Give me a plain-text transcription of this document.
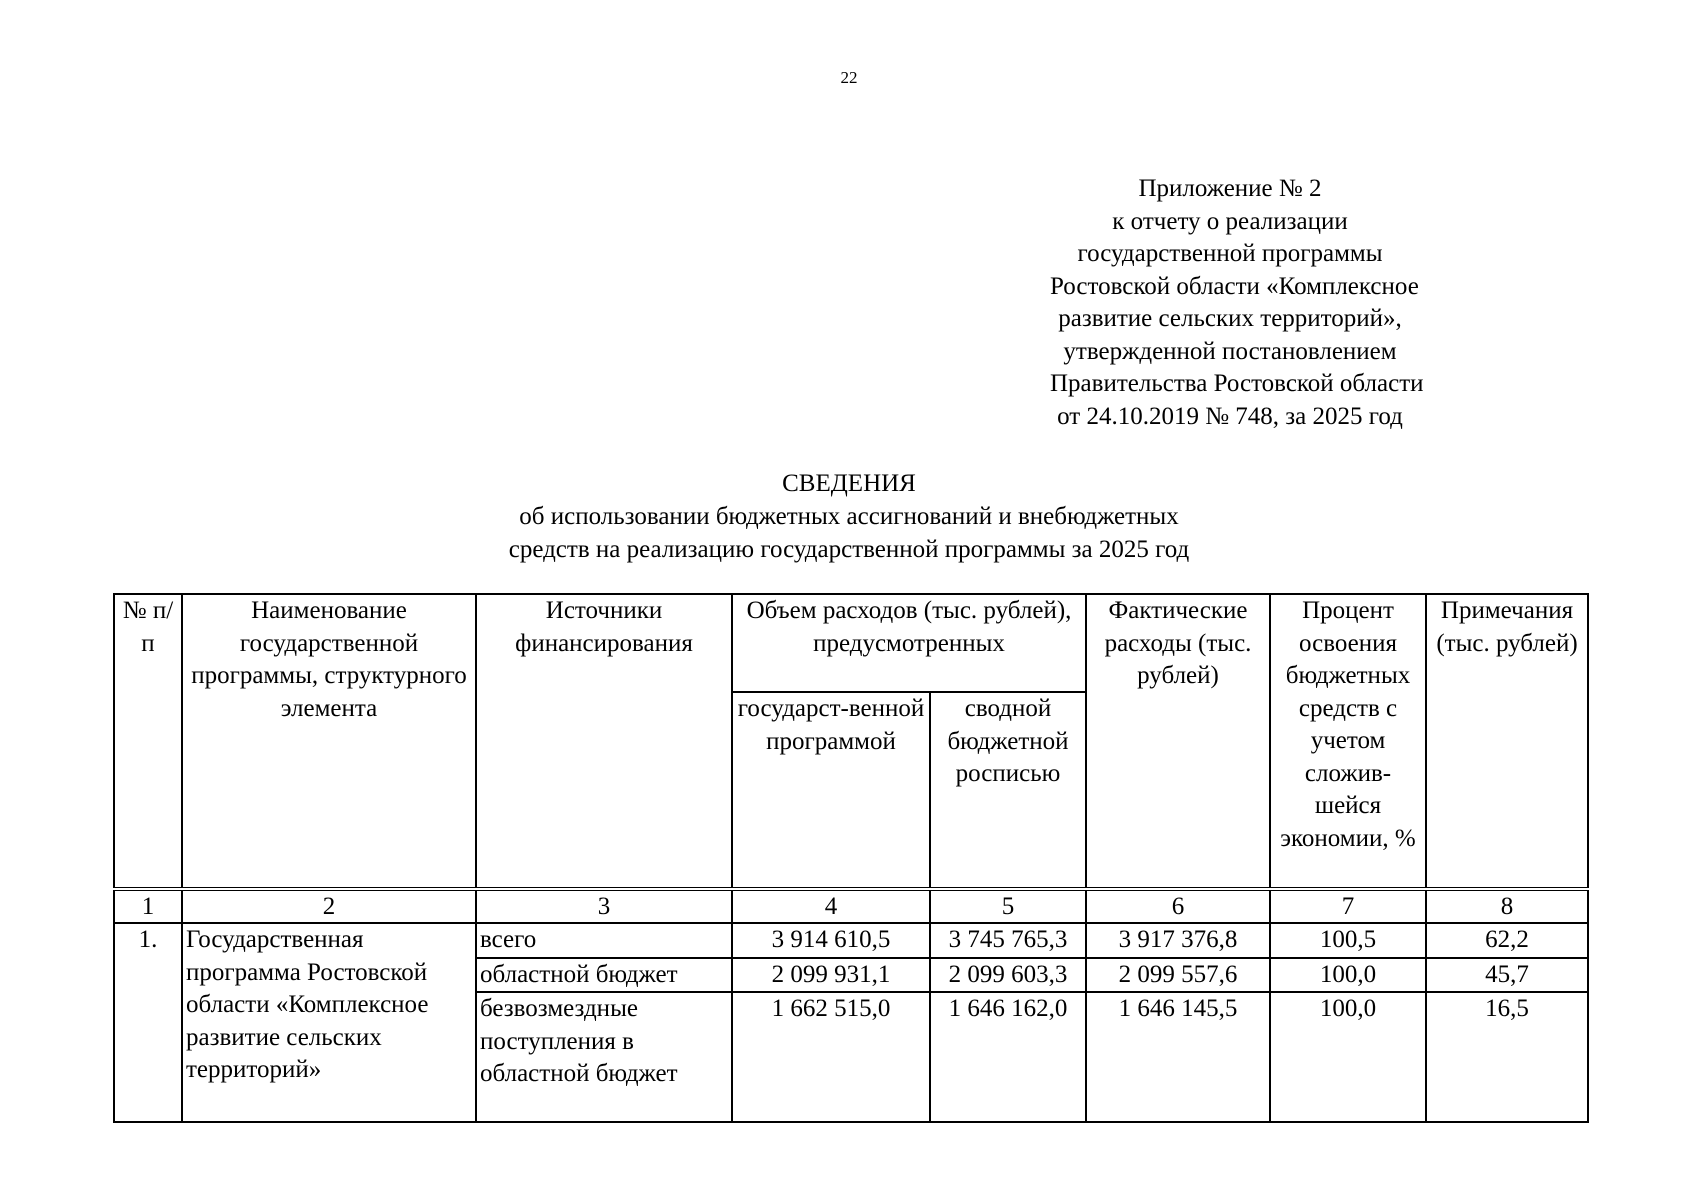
22
Приложение № 2
к отчету о реализации
государственной программы
Ростовской области «Комплексное
развитие сельских территорий»,
утвержденной постановлением
Правительства Ростовской области
от 24.10.2019 № 748, за 2025 год
СВЕДЕНИЯ
об использовании бюджетных ассигнований и внебюджетных
средств на реализацию государственной программы за 2025 год
№ п/п	Наименование государственной программы, структурного элемента	Источники финансирования	Объем расходов (тыс. рублей), предусмотренных		Фактические расходы (тыс. рублей)	Процент освоения бюджетных средств с учетом сложив-шейся экономии, %	Примечания (тыс. рублей)
			государст-венной программой	сводной бюджетной росписью			
1	2	3	4	5	6	7	8
1.	Государственная программа Ростовской области «Комплексное развитие сельских территорий»	всего	3 914 610,5	3 745 765,3	3 917 376,8	100,5	62,2
		областной бюджет	2 099 931,1	2 099 603,3	2 099 557,6	100,0	45,7
		безвозмездные поступления в областной бюджет	1 662 515,0	1 646 162,0	1 646 145,5	100,0	16,5
